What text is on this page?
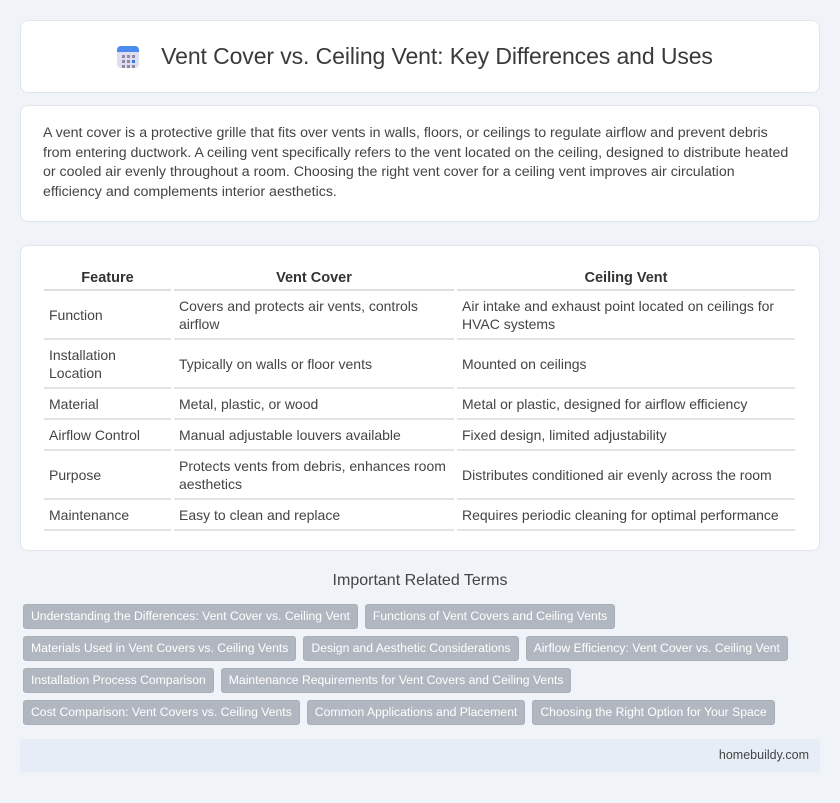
Vent Cover vs. Ceiling Vent: Key Differences and Uses

A vent cover is a protective grille that fits over vents in walls, floors, or ceilings to regulate airflow and prevent debris from entering ductwork. A ceiling vent specifically refers to the vent located on the ceiling, designed to distribute heated or cooled air evenly throughout a room. Choosing the right vent cover for a ceiling vent improves air circulation efficiency and complements interior aesthetics.

Feature	Vent Cover	Ceiling Vent
Function	Covers and protects air vents, controls airflow	Air intake and exhaust point located on ceilings for HVAC systems
Installation Location	Typically on walls or floor vents	Mounted on ceilings
Material	Metal, plastic, or wood	Metal or plastic, designed for airflow efficiency
Airflow Control	Manual adjustable louvers available	Fixed design, limited adjustability
Purpose	Protects vents from debris, enhances room aesthetics	Distributes conditioned air evenly across the room
Maintenance	Easy to clean and replace	Requires periodic cleaning for optimal performance
Important Related Terms
Understanding the Differences: Vent Cover vs. Ceiling Vent	Functions of Vent Covers and Ceiling Vents
Materials Used in Vent Covers vs. Ceiling Vents	Design and Aesthetic Considerations	Airflow Efficiency: Vent Cover vs. Ceiling Vent
Installation Process Comparison	Maintenance Requirements for Vent Covers and Ceiling Vents
Cost Comparison: Vent Covers vs. Ceiling Vents	Common Applications and Placement	Choosing the Right Option for Your Space
homebuildy.com
